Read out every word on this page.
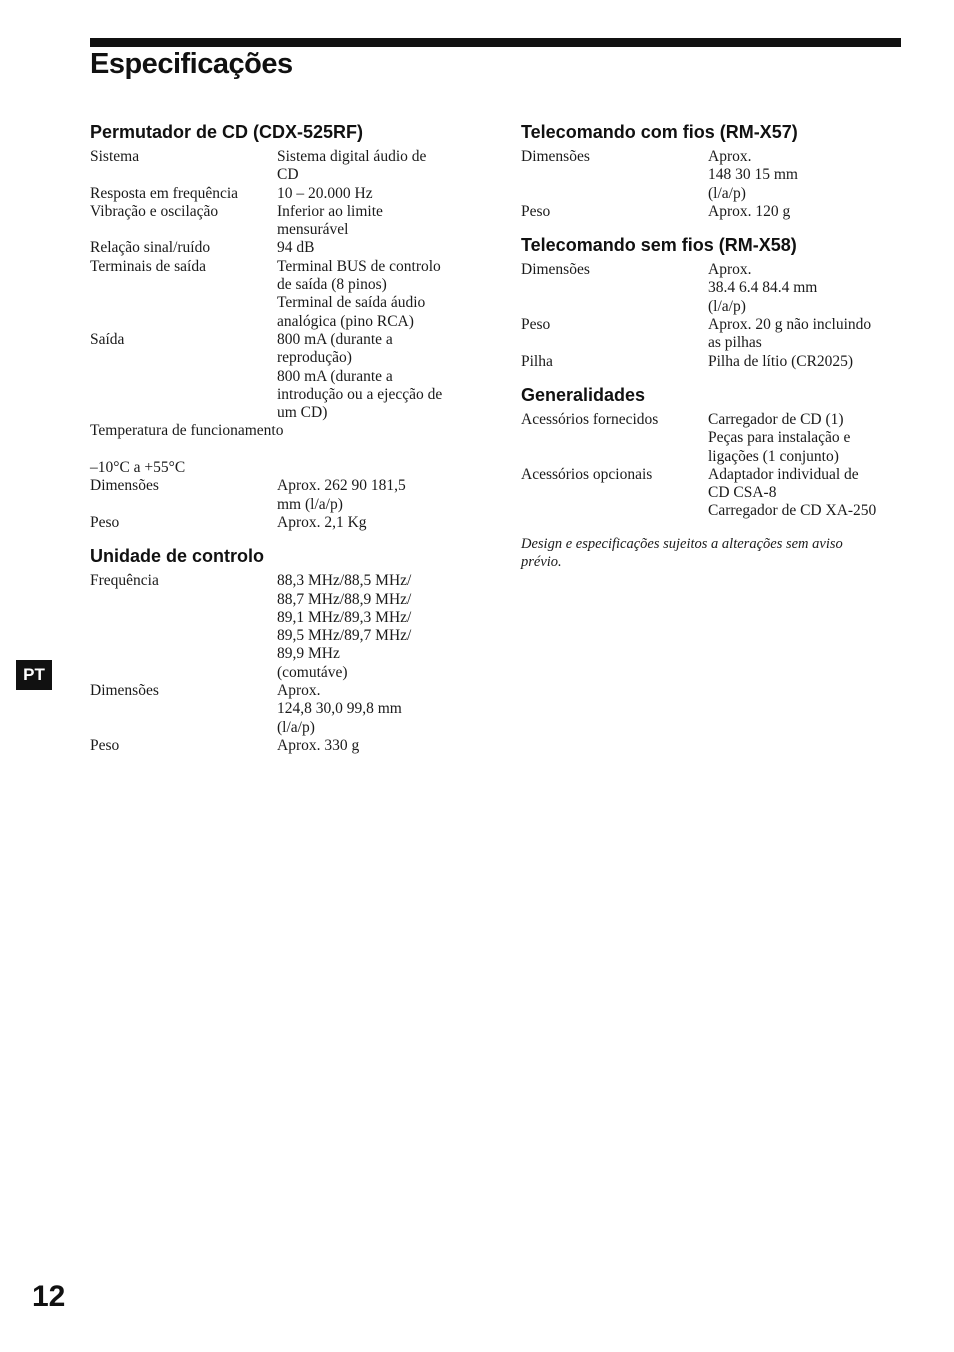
Especificações
Permutador de CD (CDX-525RF)
Sistema	Sistema digital áudio de
CD
Resposta em frequência	10 – 20.000 Hz
Vibração e oscilação	Inferior ao limite
mensurável
Relação sinal/ruído	94 dB
Terminais de saída	Terminal BUS de controlo
de saída (8 pinos)
Terminal de saída áudio
analógica (pino RCA)
Saída	800 mA (durante a
reprodução)
800 mA (durante a
introdução ou a ejecção de
um CD)
Temperatura de funcionamento
–10°C a +55°C
Dimensões	Aprox. 262 90 181,5
mm (l/a/p)
Peso	Aprox. 2,1 Kg
Unidade de controlo
Frequência	88,3 MHz/88,5 MHz/
88,7 MHz/88,9 MHz/
89,1 MHz/89,3 MHz/
89,5 MHz/89,7 MHz/
89,9 MHz
(comutáve)
Dimensões	Aprox.
124,8 30,0 99,8 mm
(l/a/p)
Peso	Aprox. 330 g
Telecomando com fios (RM-X57)
Dimensões	Aprox.
148 30 15 mm
(l/a/p)
Peso	Aprox. 120 g
Telecomando sem fios (RM-X58)
Dimensões	Aprox.
38.4 6.4 84.4 mm
(l/a/p)
Peso	Aprox. 20 g não incluindo
as pilhas
Pilha	Pilha de lítio (CR2025)
Generalidades
Acessórios fornecidos	Carregador de CD (1)
Peças para instalação e
ligações (1 conjunto)
Acessórios opcionais	Adaptador individual de
CD CSA-8
Carregador de CD XA-250
Design e especificações sujeitos a alterações sem aviso prévio.
PT
12
